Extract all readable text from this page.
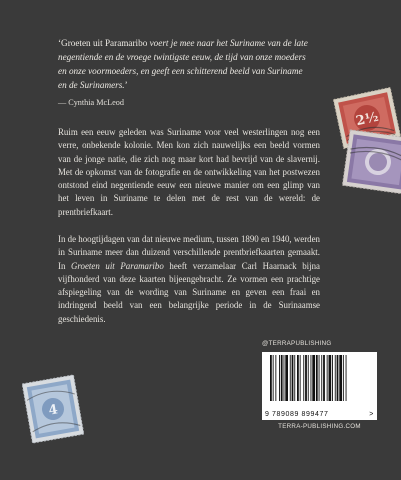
‘Groeten uit Paramaribo voert je mee naar het Suriname van de late negentiende en de vroege twintigste eeuw, de tijd van onze moeders en onze voormoeders, en geeft een schitterend beeld van Suriname en de Surinamers.’
— Cynthia McLeod
Ruim een eeuw geleden was Suriname voor veel westerlingen nog een verre, onbekende kolonie. Men kon zich nauwelijks een beeld vormen van de jonge natie, die zich nog maar kort had bevrijd van de slavernij. Met de opkomst van de fotografie en de ontwikkeling van het postwezen ontstond eind negentiende eeuw een nieuwe manier om een glimp van het leven in Suriname te delen met de rest van de wereld: de prentbriefkaart.
In de hoogtijdagen van dat nieuwe medium, tussen 1890 en 1940, werden in Suriname meer dan duizend verschillende prentbriefkaarten gemaakt. In Groeten uit Paramaribo heeft verzamelaar Carl Haarnack bijna vijfhonderd van deze kaarten bijeengebracht. Ze vormen een prachtige afspiegeling van de wording van Suriname en geven een fraai en indringend beeld van een belangrijke periode in de Surinaamse geschiedenis.
2½
4
@TERRAPUBLISHING
9 789089 899477	>
TERRA-PUBLISHING.COM
